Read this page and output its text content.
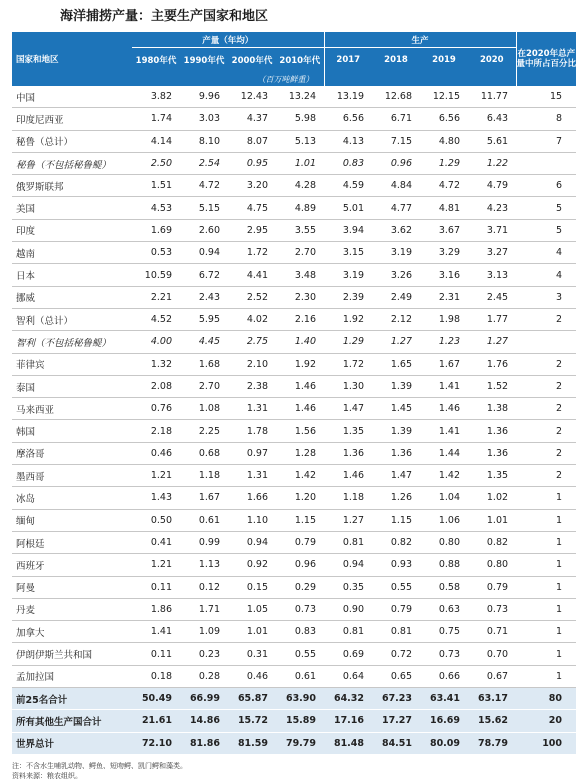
海洋捕捞产量：主要生产国家和地区
国家和地区	产量（年均）				生产				在2020年总产量中所占百分比
	1980年代	1990年代	2000年代	2010年代	2017	2018	2019	2020	
	（百万吨鲜重）								
中国	3.82	9.96	12.43	13.24	13.19	12.68	12.15	11.77	15
印度尼西亚	1.74	3.03	4.37	5.98	6.56	6.71	6.56	6.43	8
秘鲁（总计）	4.14	8.10	8.07	5.13	4.13	7.15	4.80	5.61	7
秘鲁（不包括秘鲁鳀）	2.50	2.54	0.95	1.01	0.83	0.96	1.29	1.22	
俄罗斯联邦	1.51	4.72	3.20	4.28	4.59	4.84	4.72	4.79	6
美国	4.53	5.15	4.75	4.89	5.01	4.77	4.81	4.23	5
印度	1.69	2.60	2.95	3.55	3.94	3.62	3.67	3.71	5
越南	0.53	0.94	1.72	2.70	3.15	3.19	3.29	3.27	4
日本	10.59	6.72	4.41	3.48	3.19	3.26	3.16	3.13	4
挪威	2.21	2.43	2.52	2.30	2.39	2.49	2.31	2.45	3
智利（总计）	4.52	5.95	4.02	2.16	1.92	2.12	1.98	1.77	2
智利（不包括秘鲁鳀）	4.00	4.45	2.75	1.40	1.29	1.27	1.23	1.27	
菲律宾	1.32	1.68	2.10	1.92	1.72	1.65	1.67	1.76	2
泰国	2.08	2.70	2.38	1.46	1.30	1.39	1.41	1.52	2
马来西亚	0.76	1.08	1.31	1.46	1.47	1.45	1.46	1.38	2
韩国	2.18	2.25	1.78	1.56	1.35	1.39	1.41	1.36	2
摩洛哥	0.46	0.68	0.97	1.28	1.36	1.36	1.44	1.36	2
墨西哥	1.21	1.18	1.31	1.42	1.46	1.47	1.42	1.35	2
冰岛	1.43	1.67	1.66	1.20	1.18	1.26	1.04	1.02	1
缅甸	0.50	0.61	1.10	1.15	1.27	1.15	1.06	1.01	1
阿根廷	0.41	0.99	0.94	0.79	0.81	0.82	0.80	0.82	1
西班牙	1.21	1.13	0.92	0.96	0.94	0.93	0.88	0.80	1
阿曼	0.11	0.12	0.15	0.29	0.35	0.55	0.58	0.79	1
丹麦	1.86	1.71	1.05	0.73	0.90	0.79	0.63	0.73	1
加拿大	1.41	1.09	1.01	0.83	0.81	0.81	0.75	0.71	1
伊朗伊斯兰共和国	0.11	0.23	0.31	0.55	0.69	0.72	0.73	0.70	1
孟加拉国	0.18	0.28	0.46	0.61	0.64	0.65	0.66	0.67	1
前25名合计	50.49	66.99	65.87	63.90	64.32	67.23	63.41	63.17	80
所有其他生产国合计	21.61	14.86	15.72	15.89	17.16	17.27	16.69	15.62	20
世界总计	72.10	81.86	81.59	79.79	81.48	84.51	80.09	78.79	100
注：不含水生哺乳动物、鳄鱼、短吻鳄、凯门鳄和藻类。
资料来源：粮农组织。
